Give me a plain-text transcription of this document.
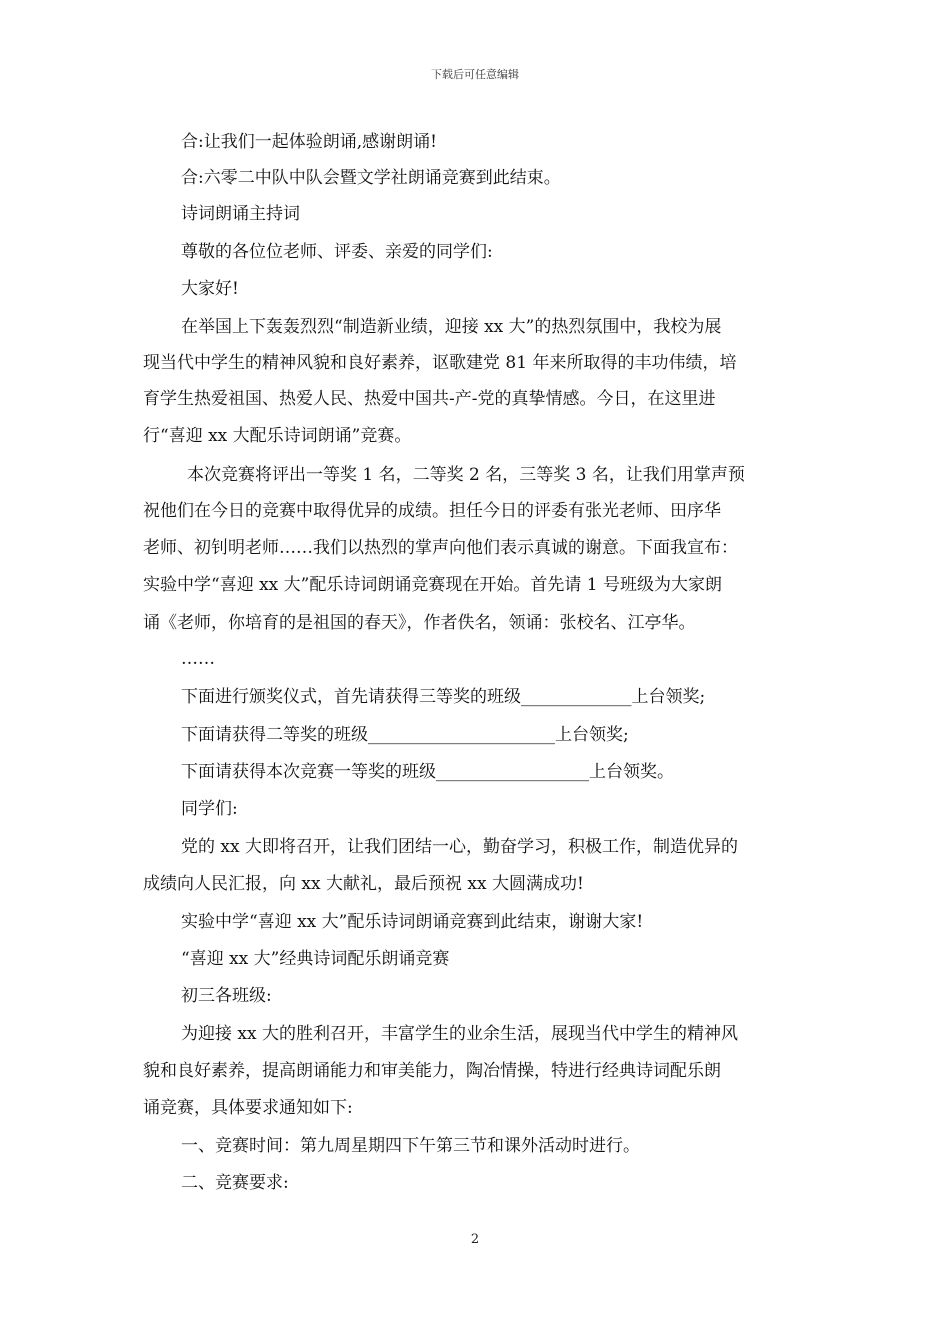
下载后可任意编辑
合:让我们一起体验朗诵,感谢朗诵!
合:六零二中队中队会暨文学社朗诵竞赛到此结束。
诗词朗诵主持词
尊敬的各位位老师、评委、亲爱的同学们:
大家好!
在举国上下轰轰烈烈“制造新业绩，迎接 xx 大”的热烈氛围中，我校为展
现当代中学生的精神风貌和良好素养，讴歌建党 81 年来所取得的丰功伟绩，培
育学生热爱祖国、热爱人民、热爱中国共-产-党的真挚情感。今日，在这里进
行“喜迎 xx 大配乐诗词朗诵”竞赛。
本次竞赛将评出一等奖 1 名，二等奖 2 名，三等奖 3 名，让我们用掌声预
祝他们在今日的竞赛中取得优异的成绩。担任今日的评委有张光老师、田序华
老师、初钊明老师……我们以热烈的掌声向他们表示真诚的谢意。下面我宣布：
实验中学“喜迎 xx 大”配乐诗词朗诵竞赛现在开始。首先请 1 号班级为大家朗
诵《老师，你培育的是祖国的春天》，作者佚名，领诵：张校名、江亭华。
……
下面进行颁奖仪式，首先请获得三等奖的班级_____________上台领奖;
下面请获得二等奖的班级______________________上台领奖;
下面请获得本次竞赛一等奖的班级__________________上台领奖。
同学们:
党的 xx 大即将召开，让我们团结一心，勤奋学习，积极工作，制造优异的
成绩向人民汇报，向 xx 大献礼，最后预祝 xx 大圆满成功!
实验中学“喜迎 xx 大”配乐诗词朗诵竞赛到此结束，谢谢大家!
“喜迎 xx 大”经典诗词配乐朗诵竞赛
初三各班级:
为迎接 xx 大的胜利召开，丰富学生的业余生活，展现当代中学生的精神风
貌和良好素养，提高朗诵能力和审美能力，陶冶情操，特进行经典诗词配乐朗
诵竞赛，具体要求通知如下:
一、竞赛时间：第九周星期四下午第三节和课外活动时进行。
二、竞赛要求:
2
